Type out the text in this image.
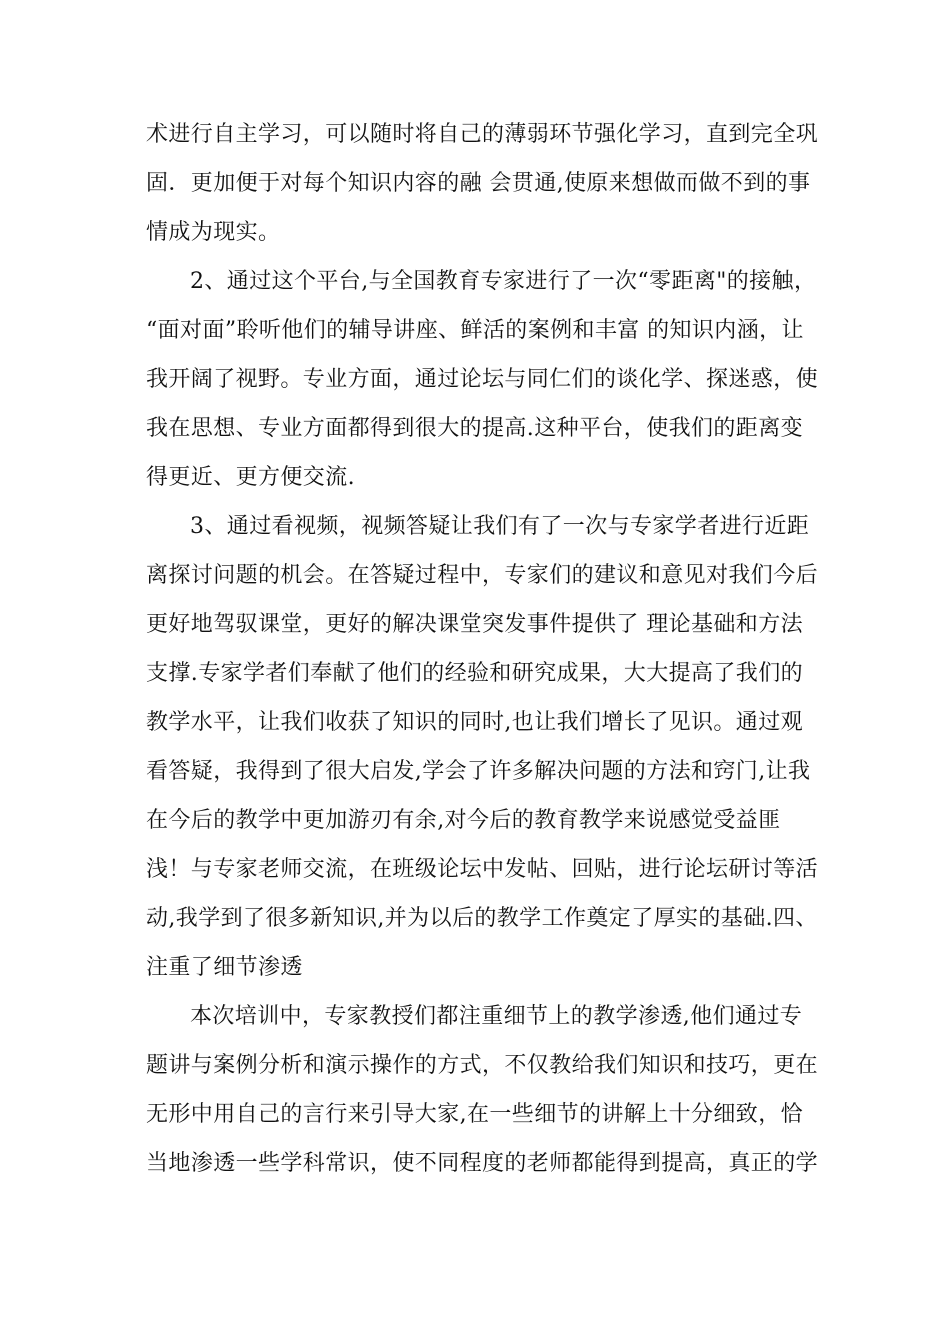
术进行自主学习，可以随时将自己的薄弱环节强化学习，直到完全巩
固．更加便于对每个知识内容的融 会贯通,使原来想做而做不到的事
情成为现实。
2、通过这个平台,与全国教育专家进行了一次“零距离"的接触，
“面对面”聆听他们的辅导讲座、鲜活的案例和丰富 的知识内涵，让
我开阔了视野。专业方面，通过论坛与同仁们的谈化学、探迷惑，使
我在思想、专业方面都得到很大的提高.这种平台，使我们的距离变
得更近、更方便交流.
3、通过看视频，视频答疑让我们有了一次与专家学者进行近距
离探讨问题的机会。在答疑过程中，专家们的建议和意见对我们今后
更好地驾驭课堂，更好的解决课堂突发事件提供了 理论基础和方法
支撑.专家学者们奉献了他们的经验和研究成果，大大提高了我们的
教学水平，让我们收获了知识的同时,也让我们增长了见识。通过观
看答疑，我得到了很大启发,学会了许多解决问题的方法和窍门,让我
在今后的教学中更加游刃有余,对今后的教育教学来说感觉受益匪
浅！与专家老师交流，在班级论坛中发帖、回贴，进行论坛研讨等活
动,我学到了很多新知识,并为以后的教学工作奠定了厚实的基础.四、
注重了细节渗透
本次培训中，专家教授们都注重细节上的教学渗透,他们通过专
题讲与案例分析和演示操作的方式，不仅教给我们知识和技巧，更在
无形中用自己的言行来引导大家,在一些细节的讲解上十分细致，恰
当地渗透一些学科常识，使不同程度的老师都能得到提高，真正的学
